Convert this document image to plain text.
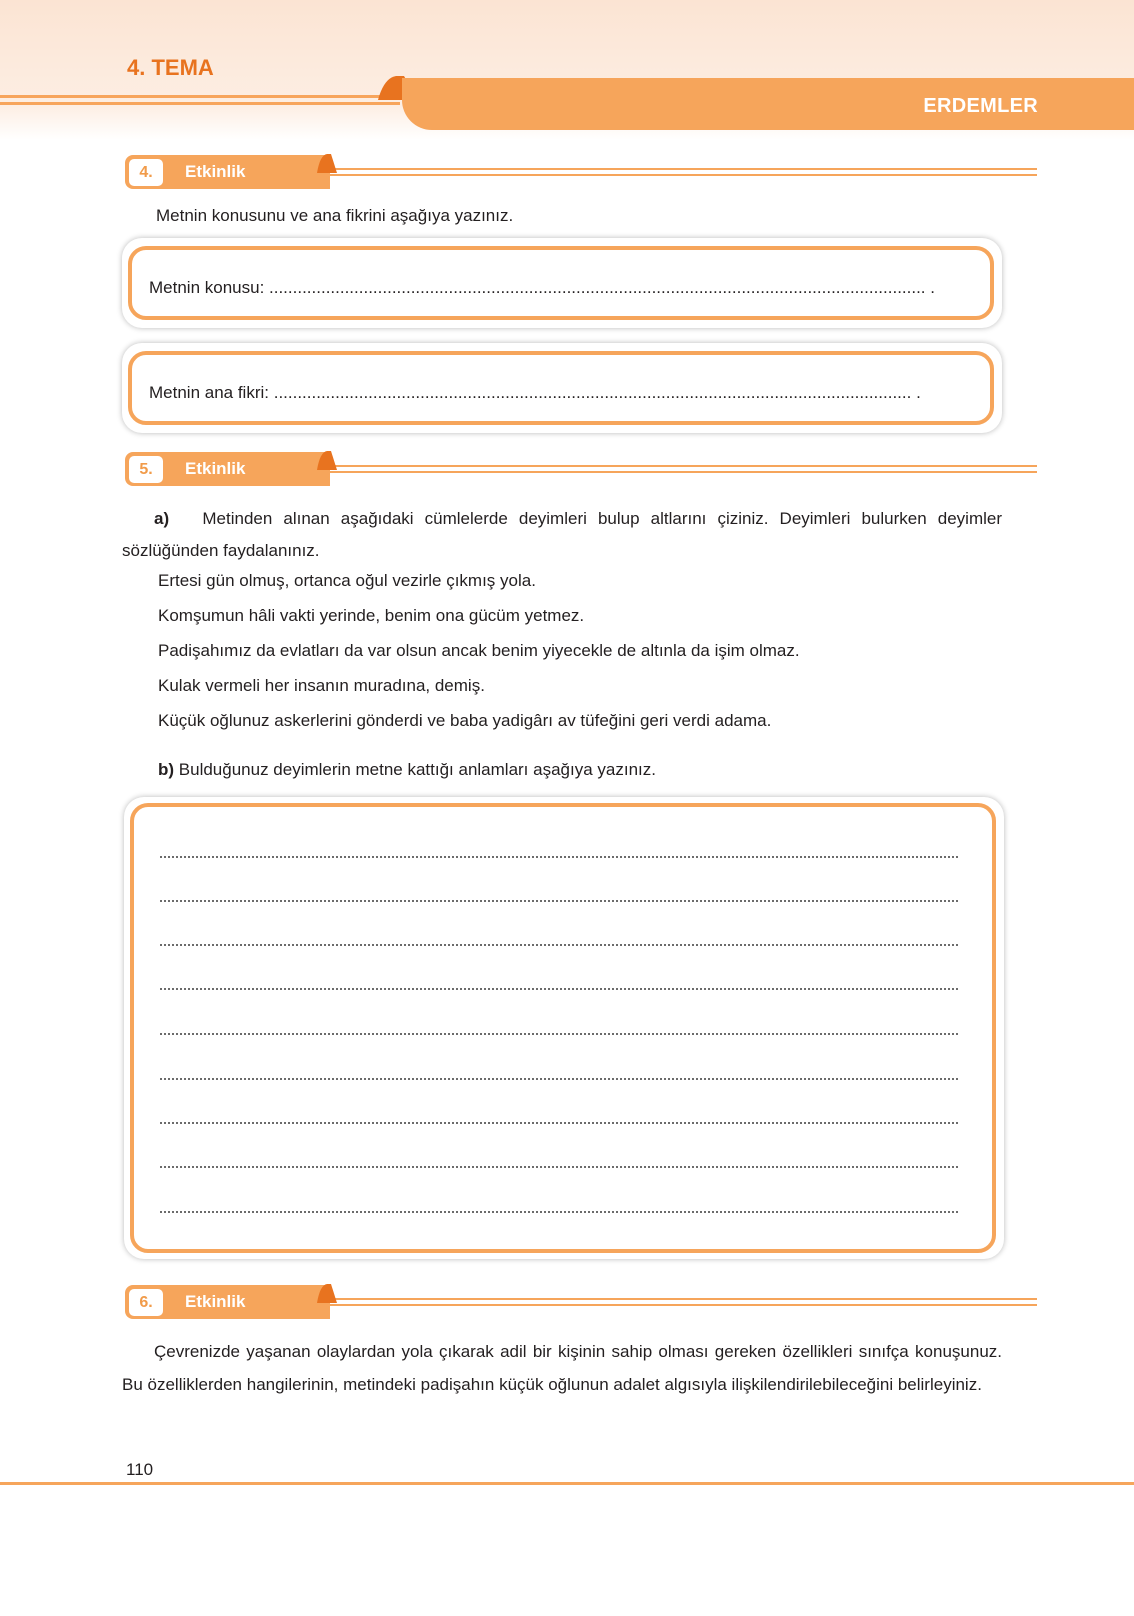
4. TEMA
ERDEMLER
4.	Etkinlik
Metnin konusunu ve ana fikrini aşağıya yazınız.
Metnin konusu: ........................................................................................................................................... .
Metnin ana fikri: ....................................................................................................................................... .
5.	Etkinlik
a) Metinden alınan aşağıdaki cümlelerde deyimleri bulup altlarını çiziniz. Deyimleri bulurken deyimler sözlüğünden faydalanınız.
Ertesi gün olmuş, ortanca oğul vezirle çıkmış yola.
Komşumun hâli vakti yerinde, benim ona gücüm yetmez.
Padişahımız da evlatları da var olsun ancak benim yiyecekle de altınla da işim olmaz.
Kulak vermeli her insanın muradına, demiş.
Küçük oğlunuz askerlerini gönderdi ve baba yadigârı av tüfeğini geri verdi adama.
b) Bulduğunuz deyimlerin metne kattığı anlamları aşağıya yazınız.
6.	Etkinlik
Çevrenizde yaşanan olaylardan yola çıkarak adil bir kişinin sahip olması gereken özellikleri sınıfça konuşunuz. Bu özelliklerden hangilerinin, metindeki padişahın küçük oğlunun adalet algısıyla ilişkilendirilebileceğini belirleyiniz.
110
